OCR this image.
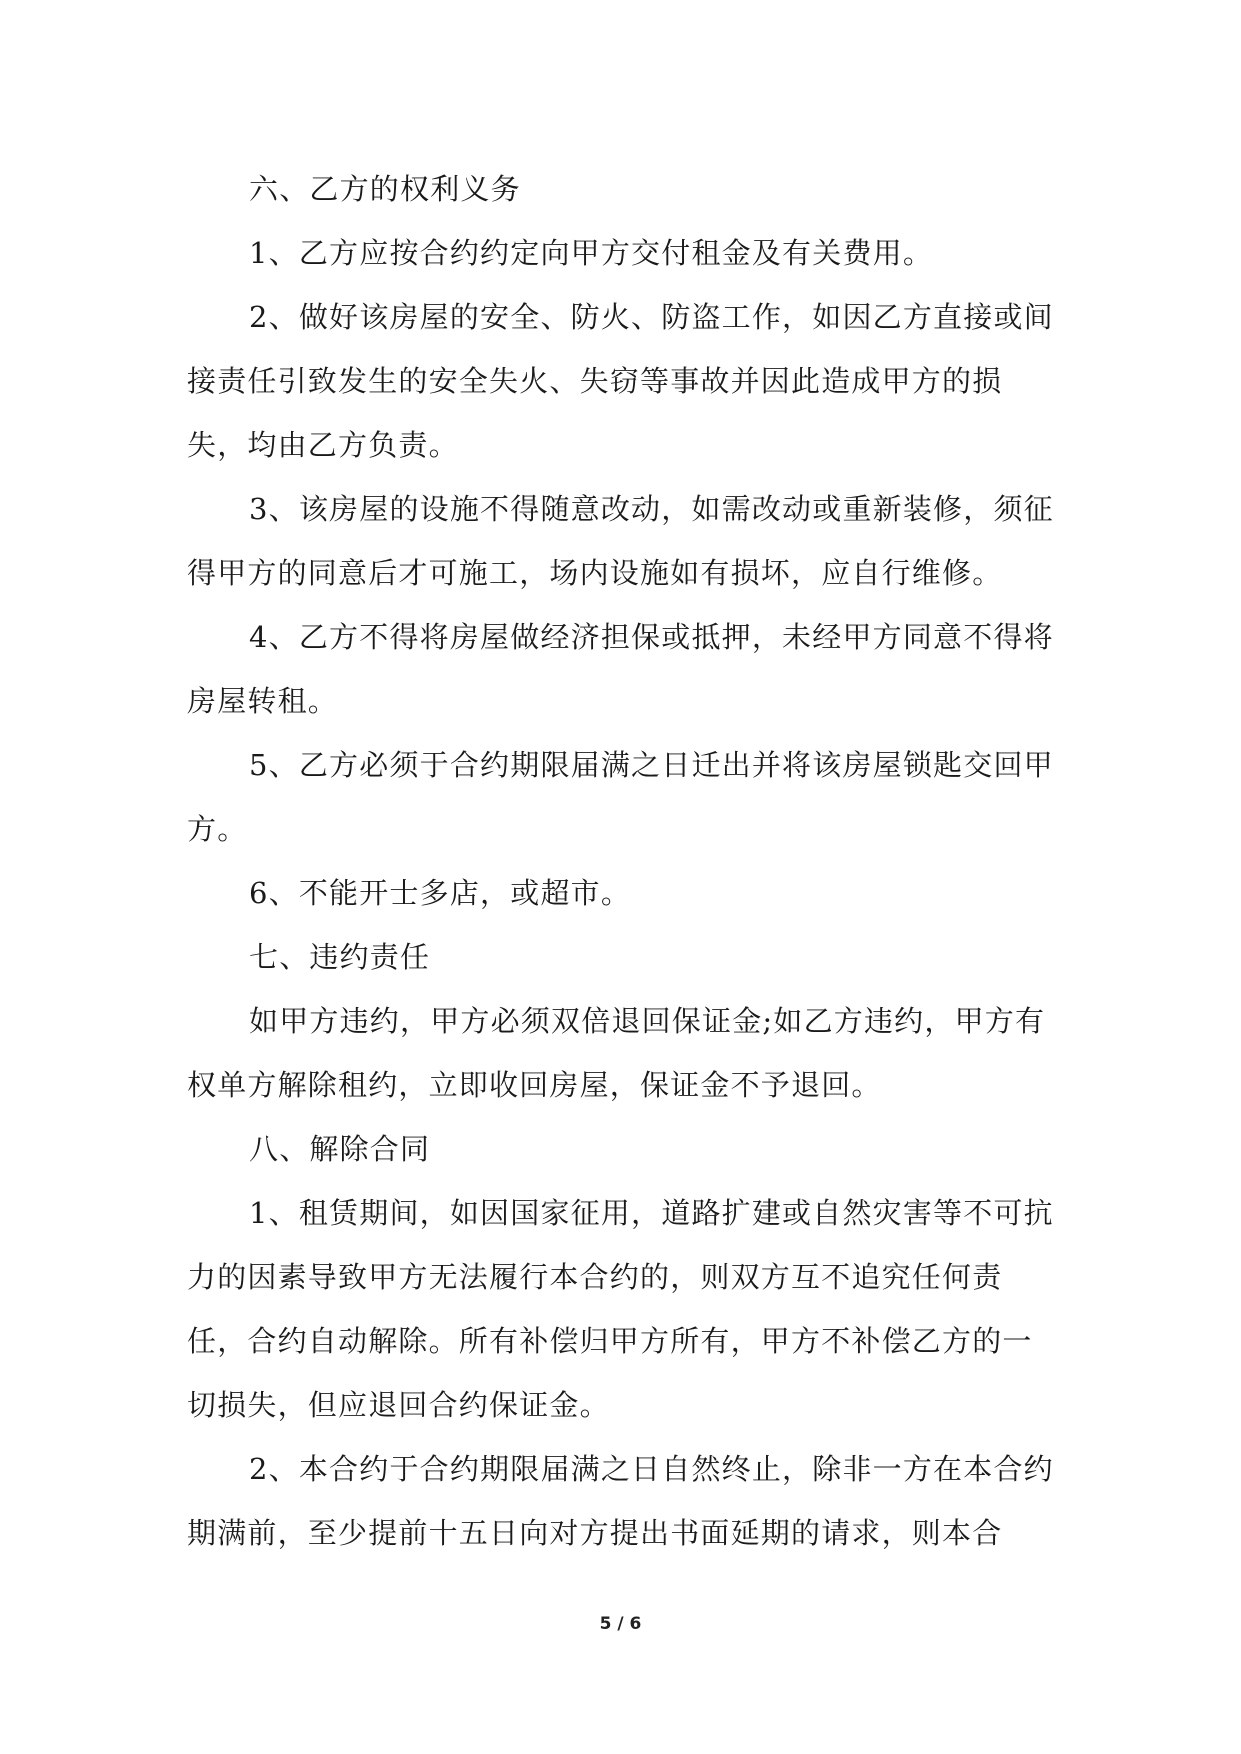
六、乙方的权利义务

1、乙方应按合约约定向甲方交付租金及有关费用。

2、做好该房屋的安全、防火、防盗工作，如因乙方直接或间接责任引致发生的安全失火、失窃等事故并因此造成甲方的损失，均由乙方负责。

3、该房屋的设施不得随意改动，如需改动或重新装修，须征得甲方的同意后才可施工，场内设施如有损坏，应自行维修。

4、乙方不得将房屋做经济担保或抵押，未经甲方同意不得将房屋转租。

5、乙方必须于合约期限届满之日迁出并将该房屋锁匙交回甲方。

6、不能开士多店，或超市。

七、违约责任

如甲方违约，甲方必须双倍退回保证金;如乙方违约，甲方有权单方解除租约，立即收回房屋，保证金不予退回。

八、解除合同

1、租赁期间，如因国家征用，道路扩建或自然灾害等不可抗力的因素导致甲方无法履行本合约的，则双方互不追究任何责任，合约自动解除。所有补偿归甲方所有，甲方不补偿乙方的一切损失，但应退回合约保证金。

2、本合约于合约期限届满之日自然终止，除非一方在本合约期满前，至少提前十五日向对方提出书面延期的请求，则本合

5 / 6
